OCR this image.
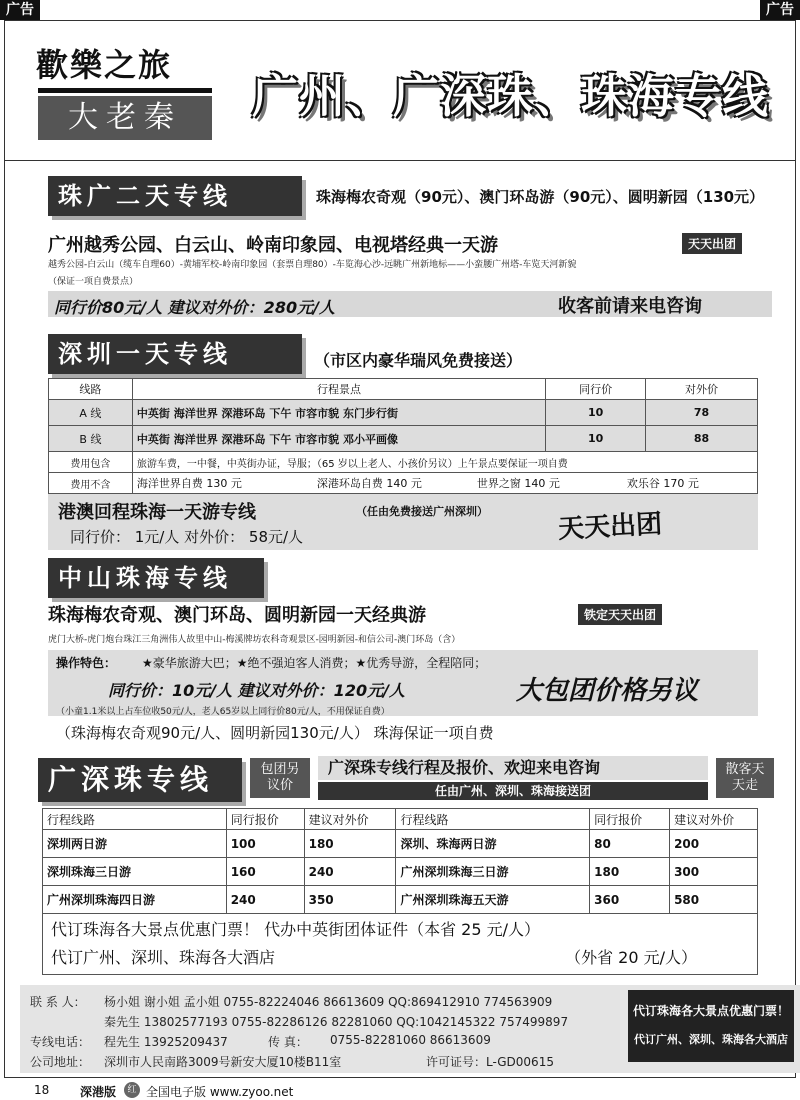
广告	广告
歡樂之旅
大老秦	广州、广深珠、珠海专线
珠广二天专线	珠海梅农奇观（90元）、澳门环岛游（90元）、圆明新园（130元）
广州越秀公园、白云山、岭南印象园、电视塔经典一天游	天天出团
越秀公园-白云山（缆车自理60）-黄埔军校-岭南印象园（套票自理80）-车览海心沙-远眺广州新地标——小蛮腰广州塔-车览天河新貌
（保证一项自费景点）
同行价80元/人 建议对外价：280元/人	收客前请来电咨询
深圳一天专线	（市区内豪华瑞风免费接送）
线路	行程景点	同行价	对外价
A 线	中英街 海洋世界 深港环岛 下午 市容市貌 东门步行街	10	78
B 线	中英街 海洋世界 深港环岛 下午 市容市貌 邓小平画像	10	88
费用包含	旅游车费，一中餐，中英街办证，导服；（65 岁以上老人、小孩价另议）上午景点要保证一项自费		
费用不含	海洋世界自费 130 元 深港环岛自费 140 元 世界之窗 140 元 欢乐谷 170 元		
港澳回程珠海一天游专线	（任由免费接送广州深圳）
同行价： 1元/人 对外价： 58元/人	天天出团
中山珠海专线
珠海梅农奇观、澳门环岛、圆明新园一天经典游	铁定天天出团
虎门大桥-虎门炮台珠江三角洲伟人故里中山-梅溪牌坊农科奇观景区-园明新园-和信公司-澳门环岛（含）
操作特色： ★豪华旅游大巴；★绝不强迫客人消费；★优秀导游，全程陪同；
同行价：10元/人 建议对外价：120元/人	大包团价格另议
（小童1.1米以上占车位收50元/人，老人65岁以上同行价80元/人，不用保证自费）
（珠海梅农奇观90元/人、圆明新园130元/人） 珠海保证一项自费
广深珠专线	包团另议价
广深珠专线行程及报价、欢迎来电咨询
任由广州、深圳、珠海接送团
散客天天走
行程线路	同行报价	建议对外价	行程线路	同行报价	建议对外价
深圳两日游	100	180	深圳、珠海两日游	80	200
深圳珠海三日游	160	240	广州深圳珠海三日游	180	300
广州深圳珠海四日游	240	350	广州深圳珠海五天游	360	580

代订珠海各大景点优惠门票！ 代办中英街团体证件（本省 25 元/人）
代订广州、深圳、珠海各大酒店 （外省 20 元/人）					
联 系 人： 杨小姐 谢小姐 孟小姐 0755-82224046 86613609 QQ:869412910 774563909
秦先生 13802577193 0755-82286126 82281060 QQ:1042145322 757499897
专线电话： 程先生 13925209437	传 真： 0755-82281060 86613609
公司地址： 深圳市人民南路3009号新安大厦10楼B11室	许可证号：L-GD00615
代订珠海各大景点优惠门票！
代订广州、深圳、珠海各大酒店
18	深港版	红 全国电子版 www.zyoo.net
